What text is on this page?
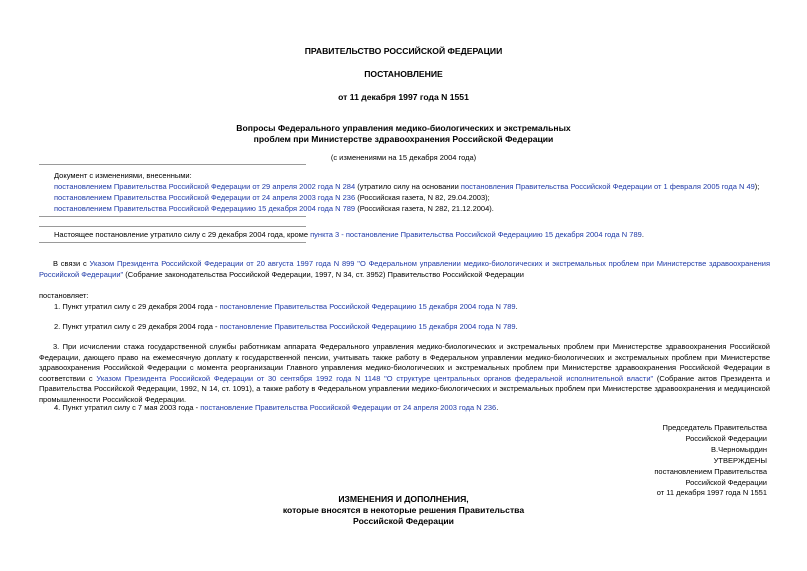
ПРАВИТЕЛЬСТВО РОССИЙСКОЙ ФЕДЕРАЦИИ
ПОСТАНОВЛЕНИЕ
от 11 декабря 1997 года N 1551
Вопросы Федерального управления медико-биологических и экстремальных
проблем при Министерстве здравоохранения Российской Федерации
(с изменениями на 15 декабря 2004 года)
Документ с изменениями, внесенными:
постановлением Правительства Российской Федерации от 29 апреля 2002 года N 284 (утратило силу на основании постановления Правительства Российской Федерации от 1 февраля 2005 года N 49);
постановлением Правительства Российской Федерации от 24 апреля 2003 года N 236 (Российская газета, N 82, 29.04.2003);
постановлением Правительства Российской Федерациию 15 декабря 2004 года N 789 (Российская газета, N 282, 21.12.2004).
Настоящее постановление утратило силу с 29 декабря 2004 года, кроме пункта 3 - постановление Правительства Российской Федерациию 15 декабря 2004 года N 789.
В связи с Указом Президента Российской Федерации от 20 августа 1997 года N 899 "О Федеральном управлении медико-биологических и экстремальных проблем при Министерстве здравоохранения Российской Федерации" (Собрание законодательства Российской Федерации, 1997, N 34, ст. 3952) Правительство Российской Федерации
постановляет:
1. Пункт утратил силу с 29 декабря 2004 года - постановление Правительства Российской Федерациию 15 декабря 2004 года N 789.
2. Пункт утратил силу с 29 декабря 2004 года - постановление Правительства Российской Федерациию 15 декабря 2004 года N 789.
3. При исчислении стажа государственной службы работникам аппарата Федерального управления медико-биологических и экстремальных проблем при Министерстве здравоохранения Российской Федерации, дающего право на ежемесячную доплату к государственной пенсии, учитывать также работу в Федеральном управлении медико-биологических и экстремальных проблем при Министерстве здравоохранения Российской Федерации с момента реорганизации Главного управления медико-биологических и экстремальных проблем при Министерстве здравоохранения Российской Федерации в соответствии с Указом Президента Российской Федерации от 30 сентября 1992 года N 1148 "О структуре центральных органов федеральной исполнительной власти" (Собрание актов Президента и Правительства Российской Федерации, 1992, N 14, ст. 1091), а также работу в Федеральном управлении медико-биологических и экстремальных проблем при Министерстве здравоохранения и медицинской промышленности Российской Федерации.
4. Пункт утратил силу с 7 мая 2003 года - постановление Правительства Российской Федерации от 24 апреля 2003 года N 236.
Председатель Правительства
Российской Федерации
В.Черномырдин
УТВЕРЖДЕНЫ
постановлением Правительства
Российской Федерации
от 11 декабря 1997 года N 1551
ИЗМЕНЕНИЯ И ДОПОЛНЕНИЯ,
которые вносятся в некоторые решения Правительства
Российской Федерации
